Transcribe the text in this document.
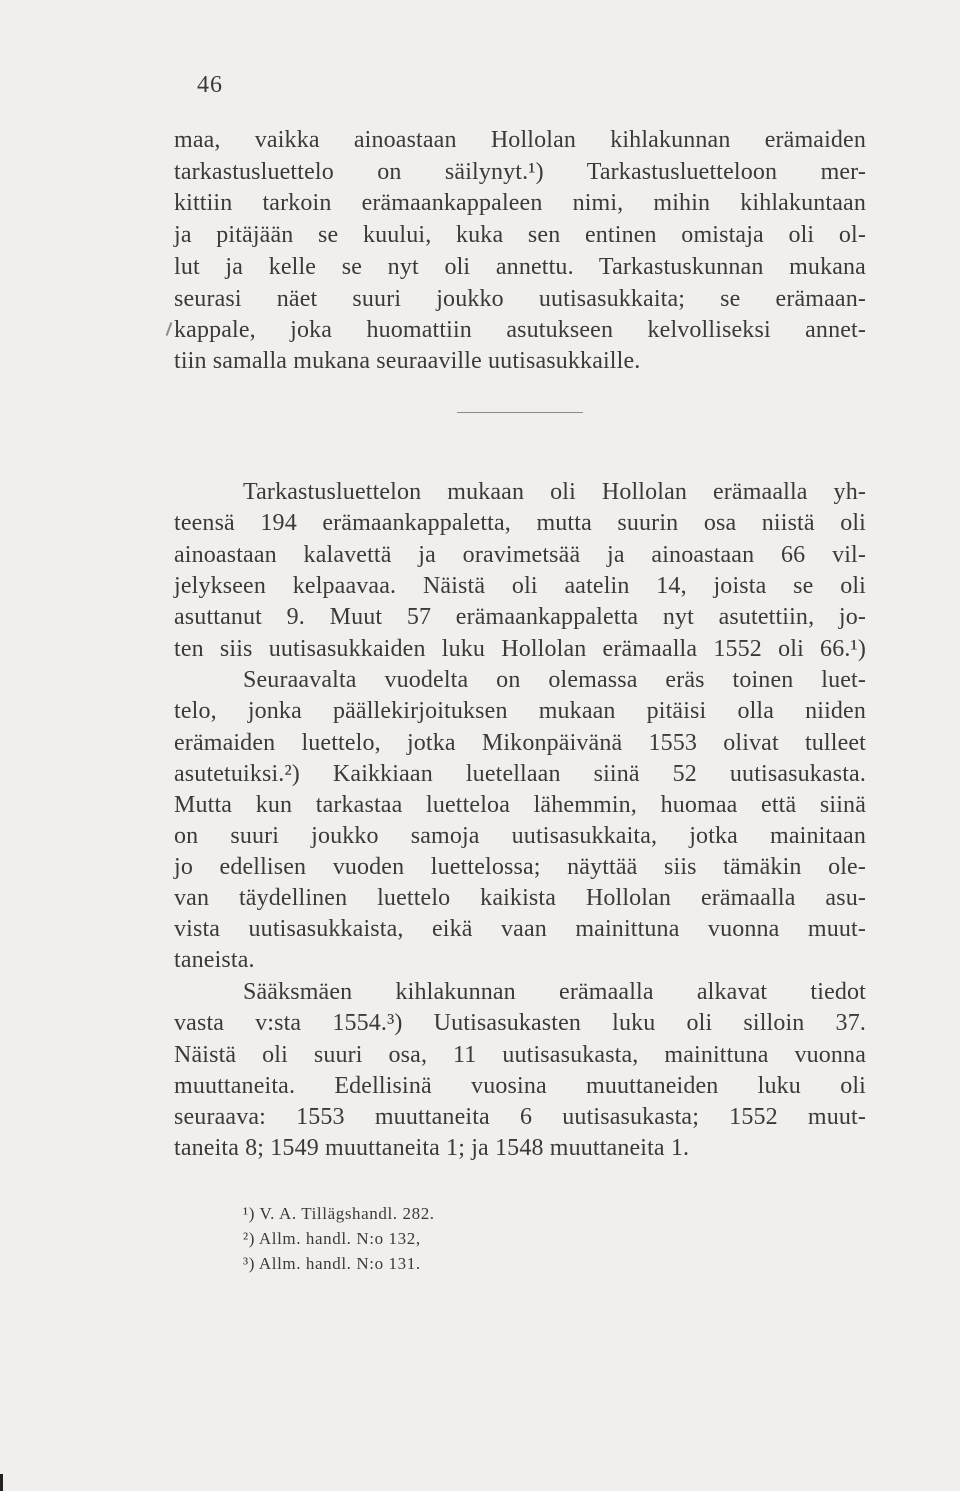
46
maa, vaikka ainoastaan Hollolan kihlakunnan erämaiden
tarkastusluettelo on säilynyt.¹) Tarkastusluetteloon mer-
kittiin tarkoin erämaankappaleen nimi, mihin kihlakuntaan
ja pitäjään se kuului, kuka sen entinen omistaja oli ol-
lut ja kelle se nyt oli annettu. Tarkastuskunnan mukana
seurasi näet suuri joukko uutisasukkaita; se erämaan-
kappale, joka huomattiin asutukseen kelvolliseksi annet-
tiin samalla mukana seuraaville uutisasukkaille.
Tarkastusluettelon mukaan oli Hollolan erämaalla yh-
teensä 194 erämaankappaletta, mutta suurin osa niistä oli
ainoastaan kalavettä ja oravimetsää ja ainoastaan 66 vil-
jelykseen kelpaavaa. Näistä oli aatelin 14, joista se oli
asuttanut 9. Muut 57 erämaankappaletta nyt asutettiin, jo-
ten siis uutisasukkaiden luku Hollolan erämaalla 1552 oli 66.¹)
Seuraavalta vuodelta on olemassa eräs toinen luet-
telo, jonka päällekirjoituksen mukaan pitäisi olla niiden
erämaiden luettelo, jotka Mikonpäivänä 1553 olivat tulleet
asutetuiksi.²) Kaikkiaan luetellaan siinä 52 uutisasukasta.
Mutta kun tarkastaa luetteloa lähemmin, huomaa että siinä
on suuri joukko samoja uutisasukkaita, jotka mainitaan
jo edellisen vuoden luettelossa; näyttää siis tämäkin ole-
van täydellinen luettelo kaikista Hollolan erämaalla asu-
vista uutisasukkaista, eikä vaan mainittuna vuonna muut-
taneista.
Sääksmäen kihlakunnan erämaalla alkavat tiedot
vasta v:sta 1554.³) Uutisasukasten luku oli silloin 37.
Näistä oli suuri osa, 11 uutisasukasta, mainittuna vuonna
muuttaneita. Edellisinä vuosina muuttaneiden luku oli
seuraava: 1553 muuttaneita 6 uutisasukasta; 1552 muut-
taneita 8; 1549 muuttaneita 1; ja 1548 muuttaneita 1.
¹) V. A. Tillägshandl. 282.
²) Allm. handl. N:o 132,
³) Allm. handl. N:o 131.
